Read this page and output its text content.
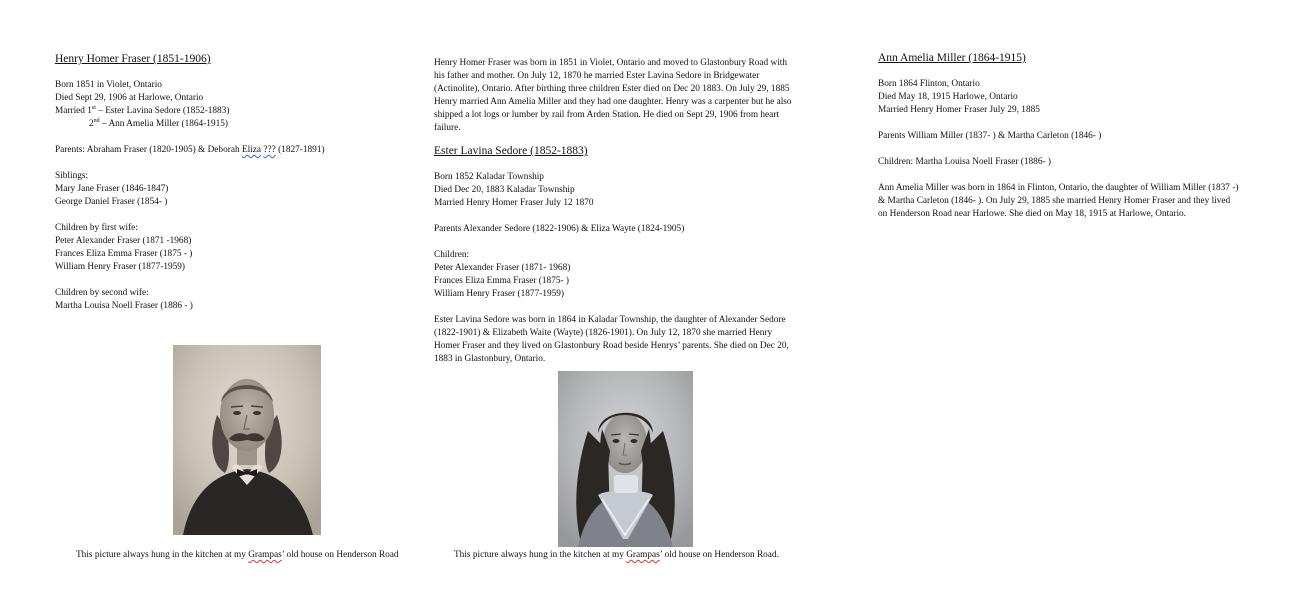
Henry Homer Fraser (1851-1906)

Born 1851 in Violet, Ontario
Died Sept 29, 1906 at Harlowe, Ontario
Married 1st – Ester Lavina Sedore (1852-1883)
2nd – Ann Amelia Miller (1864-1915)
Parents: Abraham Fraser (1820-1905) & Deborah Eliza ??? (1827-1891)
Siblings:
Mary Jane Fraser (1846-1847)
George Daniel Fraser (1854- )
Children by first wife:
Peter Alexander Fraser (1871 -1968)
Frances Eliza Emma Fraser (1875 - )
William Henry Fraser (1877-1959)
Children by second wife:
Martha Louisa Noell Fraser (1886 - )
This picture always hung in the kitchen at my Grampas’ old house on Henderson Road
Henry Homer Fraser was born in 1851 in Violet, Ontario and moved to Glastonbury Road with
his father and mother. On July 12, 1870 he married Ester Lavina Sedore in Bridgewater
(Actinolite), Ontario. After birthing three children Ester died on Dec 20 1883. On July 29, 1885
Henry married Ann Amelia Miller and they had one daughter. Henry was a carpenter but he also
shipped a lot logs or lumber by rail from Arden Station. He died on Sept 29, 1906 from heart
failure.

Ester Lavina Sedore (1852-1883)

Born 1852 Kaladar Township
Died Dec 20, 1883 Kaladar Township
Married Henry Homer Fraser July 12 1870
Parents Alexander Sedore (1822-1906) & Eliza Wayte (1824-1905)
Children:
Peter Alexander Fraser (1871- 1968)
Frances Eliza Emma Fraser (1875- )
William Henry Fraser (1877-1959)
Ester Lavina Sedore was born in 1864 in Kaladar Township, the daughter of Alexander Sedore
(1822-1901) & Elizabeth Waite (Wayte) (1826-1901). On July 12, 1870 she married Henry
Homer Fraser and they lived on Glastonbury Road beside Henrys’ parents. She died on Dec 20,
1883 in Glastonbury, Ontario.
This picture always hung in the kitchen at my Grampas’ old house on Henderson Road.

Ann Amelia Miller (1864-1915)

Born 1864 Flinton, Ontario
Died May 18, 1915 Harlowe, Ontario
Married Henry Homer Fraser July 29, 1885
Parents William Miller (1837- ) & Martha Carleton (1846- )
Children: Martha Louisa Noell Fraser (1886- )
Ann Amelia Miller was born in 1864 in Flinton, Ontario, the daughter of William Miller (1837 -)
& Martha Carleton (1846- ). On July 29, 1885 she married Henry Homer Fraser and they lived
on Henderson Road near Harlowe. She died on May 18, 1915 at Harlowe, Ontario.
